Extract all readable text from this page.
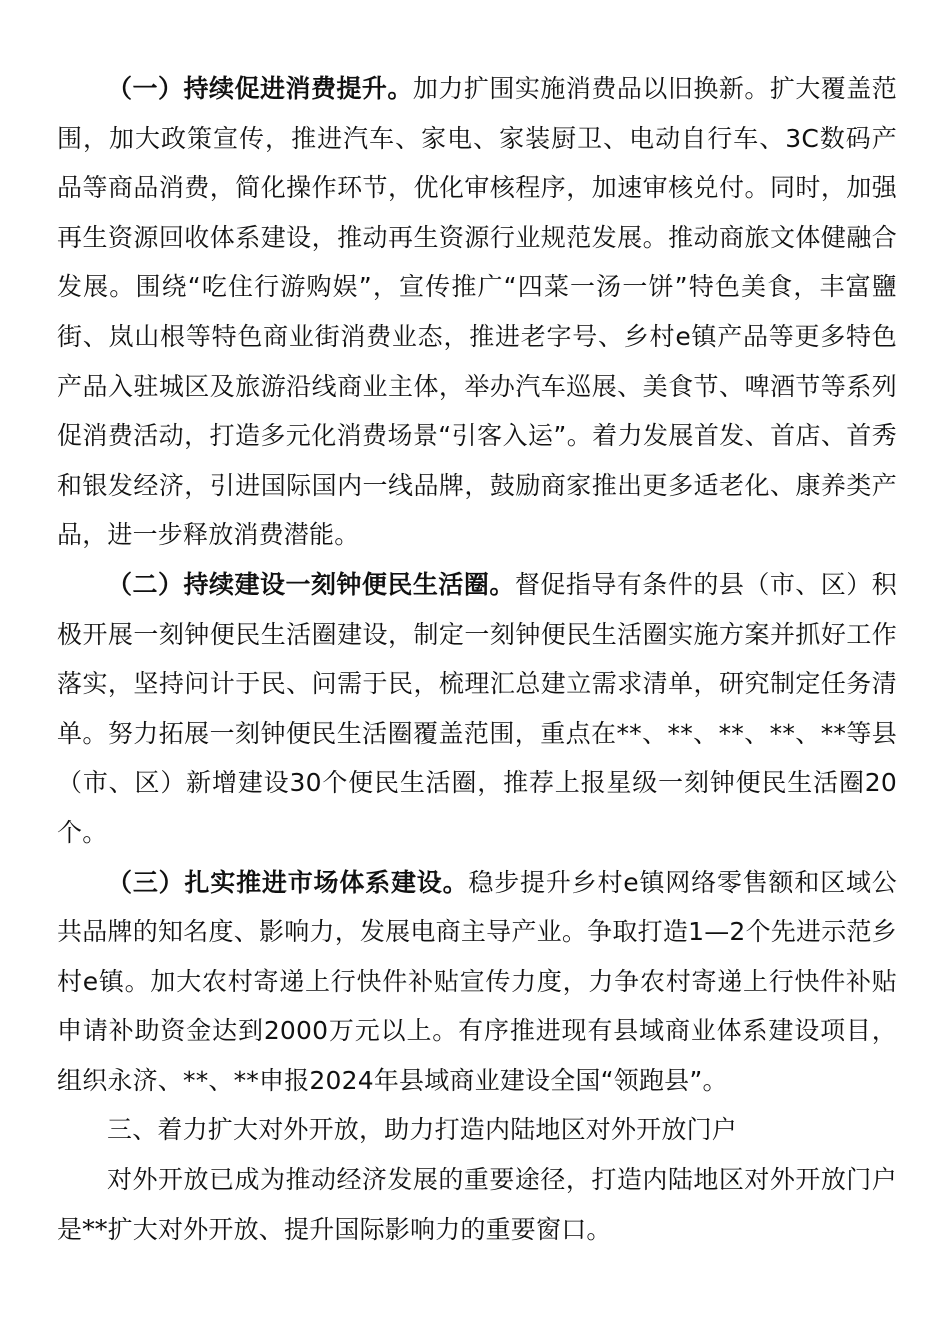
（一）持续促进消费提升。加力扩围实施消费品以旧换新。扩大覆盖范围，加大政策宣传，推进汽车、家电、家装厨卫、电动自行车、3C数码产品等商品消费，简化操作环节，优化审核程序，加速审核兑付。同时，加强再生资源回收体系建设，推动再生资源行业规范发展。推动商旅文体健融合发展。围绕“吃住行游购娱”，宣传推广“四菜一汤一饼”特色美食，丰富鹽街、岚山根等特色商业街消费业态，推进老字号、乡村e镇产品等更多特色产品入驻城区及旅游沿线商业主体，举办汽车巡展、美食节、啤酒节等系列促消费活动，打造多元化消费场景“引客入运”。着力发展首发、首店、首秀和银发经济，引进国际国内一线品牌，鼓励商家推出更多适老化、康养类产品，进一步释放消费潜能。

（二）持续建设一刻钟便民生活圈。督促指导有条件的县（市、区）积极开展一刻钟便民生活圈建设，制定一刻钟便民生活圈实施方案并抓好工作落实，坚持问计于民、问需于民，梳理汇总建立需求清单，研究制定任务清单。努力拓展一刻钟便民生活圈覆盖范围，重点在**、**、**、**、**等县（市、区）新增建设30个便民生活圈，推荐上报星级一刻钟便民生活圈20个。

（三）扎实推进市场体系建设。稳步提升乡村e镇网络零售额和区域公共品牌的知名度、影响力，发展电商主导产业。争取打造1—2个先进示范乡村e镇。加大农村寄递上行快件补贴宣传力度，力争农村寄递上行快件补贴申请补助资金达到2000万元以上。有序推进现有县域商业体系建设项目，组织永济、**、**申报2024年县域商业建设全国“领跑县”。

三、着力扩大对外开放，助力打造内陆地区对外开放门户

对外开放已成为推动经济发展的重要途径，打造内陆地区对外开放门户是**扩大对外开放、提升国际影响力的重要窗口。
